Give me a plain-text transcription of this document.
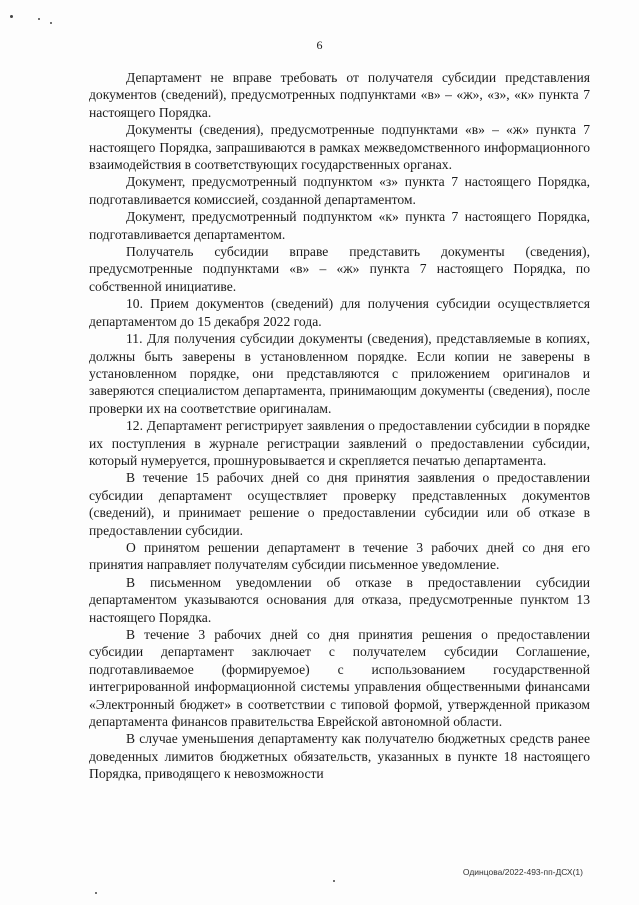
6

Департамент не вправе требовать от получателя субсидии представления документов (сведений), предусмотренных подпунктами «в» – «ж», «з», «к» пункта 7 настоящего Порядка.

Документы (сведения), предусмотренные подпунктами «в» – «ж» пункта 7 настоящего Порядка, запрашиваются в рамках межведомственного информационного взаимодействия в соответствующих государственных органах.

Документ, предусмотренный подпунктом «з» пункта 7 настоящего Порядка, подготавливается комиссией, созданной департаментом.

Документ, предусмотренный подпунктом «к» пункта 7 настоящего Порядка, подготавливается департаментом.

Получатель субсидии вправе представить документы (сведения), предусмотренные подпунктами «в» – «ж» пункта 7 настоящего Порядка, по собственной инициативе.

10. Прием документов (сведений) для получения субсидии осуществляется департаментом до 15 декабря 2022 года.

11. Для получения субсидии документы (сведения), представляемые в копиях, должны быть заверены в установленном порядке. Если копии не заверены в установленном порядке, они представляются с приложением оригиналов и заверяются специалистом департамента, принимающим документы (сведения), после проверки их на соответствие оригиналам.

12. Департамент регистрирует заявления о предоставлении субсидии в порядке их поступления в журнале регистрации заявлений о предоставлении субсидии, который нумеруется, прошнуровывается и скрепляется печатью департамента.

В течение 15 рабочих дней со дня принятия заявления о предоставлении субсидии департамент осуществляет проверку представленных документов (сведений), и принимает решение о предоставлении субсидии или об отказе в предоставлении субсидии.

О принятом решении департамент в течение 3 рабочих дней со дня его принятия направляет получателям субсидии письменное уведомление.

В письменном уведомлении об отказе в предоставлении субсидии департаментом указываются основания для отказа, предусмотренные пунктом 13 настоящего Порядка.

В течение 3 рабочих дней со дня принятия решения о предоставлении субсидии департамент заключает с получателем субсидии Соглашение, подготавливаемое (формируемое) с использованием государственной интегрированной информационной системы управления общественными финансами «Электронный бюджет» в соответствии с типовой формой, утвержденной приказом департамента финансов правительства Еврейской автономной области.

В случае уменьшения департаменту как получателю бюджетных средств ранее доведенных лимитов бюджетных обязательств, указанных в пункте 18 настоящего Порядка, приводящего к невозможности

Одинцова/2022-493-пп-ДСХ(1)
